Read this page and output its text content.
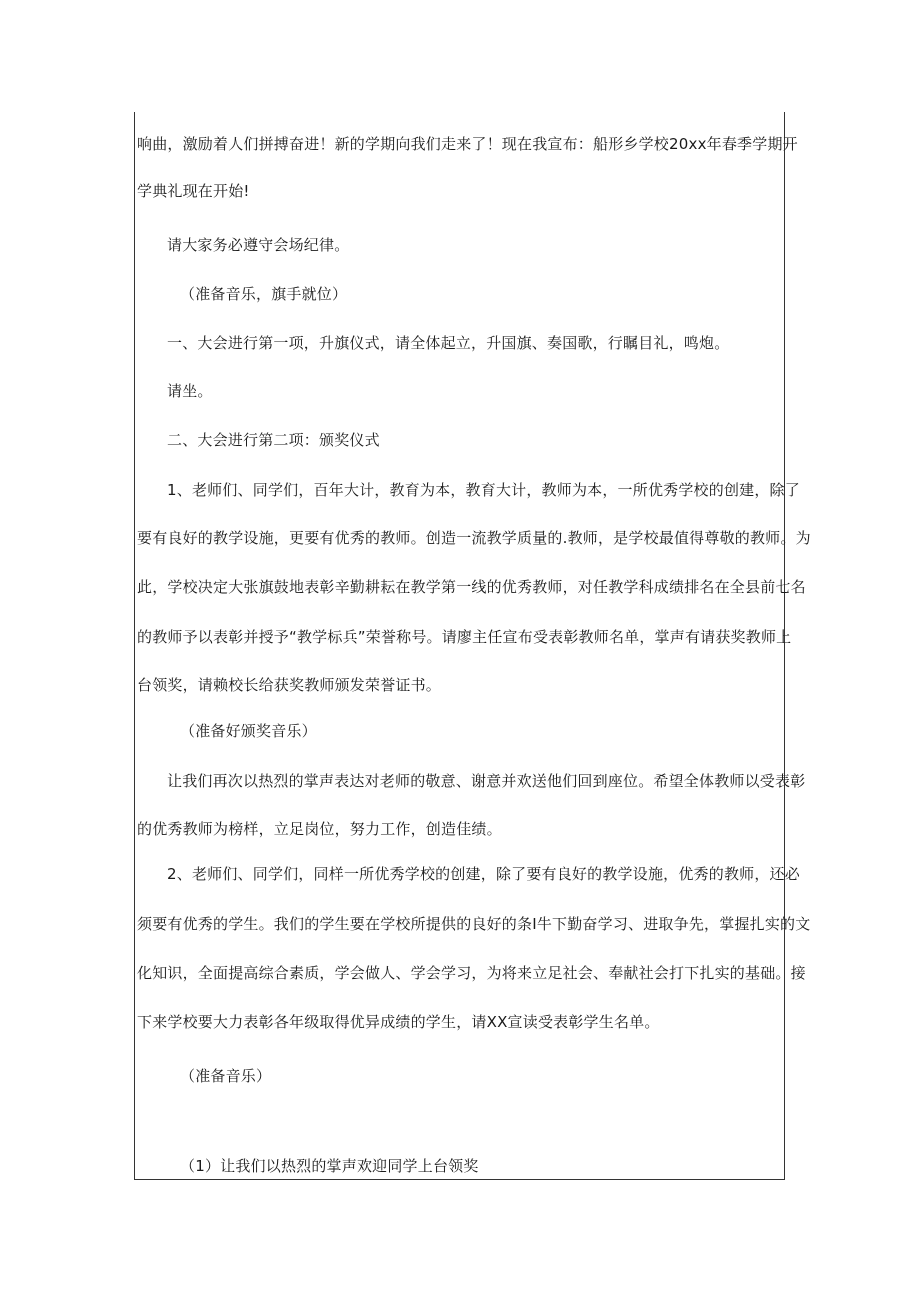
响曲，激励着人们拼搏奋进！新的学期向我们走来了！现在我宣布：船形乡学校20xx年春季学期开
学典礼现在开始!
请大家务必遵守会场纪律。
（准备音乐，旗手就位）
一、大会进行第一项，升旗仪式，请全体起立，升国旗、奏国歌，行瞩目礼，鸣炮。
请坐。
二、大会进行第二项：颁奖仪式
1、老师们、同学们，百年大计，教育为本，教育大计，教师为本，一所优秀学校的创建，除了
要有良好的教学设施，更要有优秀的教师。创造一流教学质量的.教师，是学校最值得尊敬的教师。为
此，学校决定大张旗鼓地表彰辛勤耕耘在教学第一线的优秀教师，对任教学科成绩排名在全县前七名
的教师予以表彰并授予“教学标兵”荣誉称号。请廖主任宣布受表彰教师名单，掌声有请获奖教师上
台领奖，请赖校长给获奖教师颁发荣誉证书。
（准备好颁奖音乐）
让我们再次以热烈的掌声表达对老师的敬意、谢意并欢送他们回到座位。希望全体教师以受表彰
的优秀教师为榜样，立足岗位，努力工作，创造佳绩。
2、老师们、同学们，同样一所优秀学校的创建，除了要有良好的教学设施，优秀的教师，还必
须要有优秀的学生。我们的学生要在学校所提供的良好的条I牛下勤奋学习、进取争先，掌握扎实的文
化知识，全面提高综合素质，学会做人、学会学习，为将来立足社会、奉献社会打下扎实的基础。接
下来学校要大力表彰各年级取得优异成绩的学生，请XX宣读受表彰学生名单。
（准备音乐）
（1）让我们以热烈的掌声欢迎同学上台领奖
